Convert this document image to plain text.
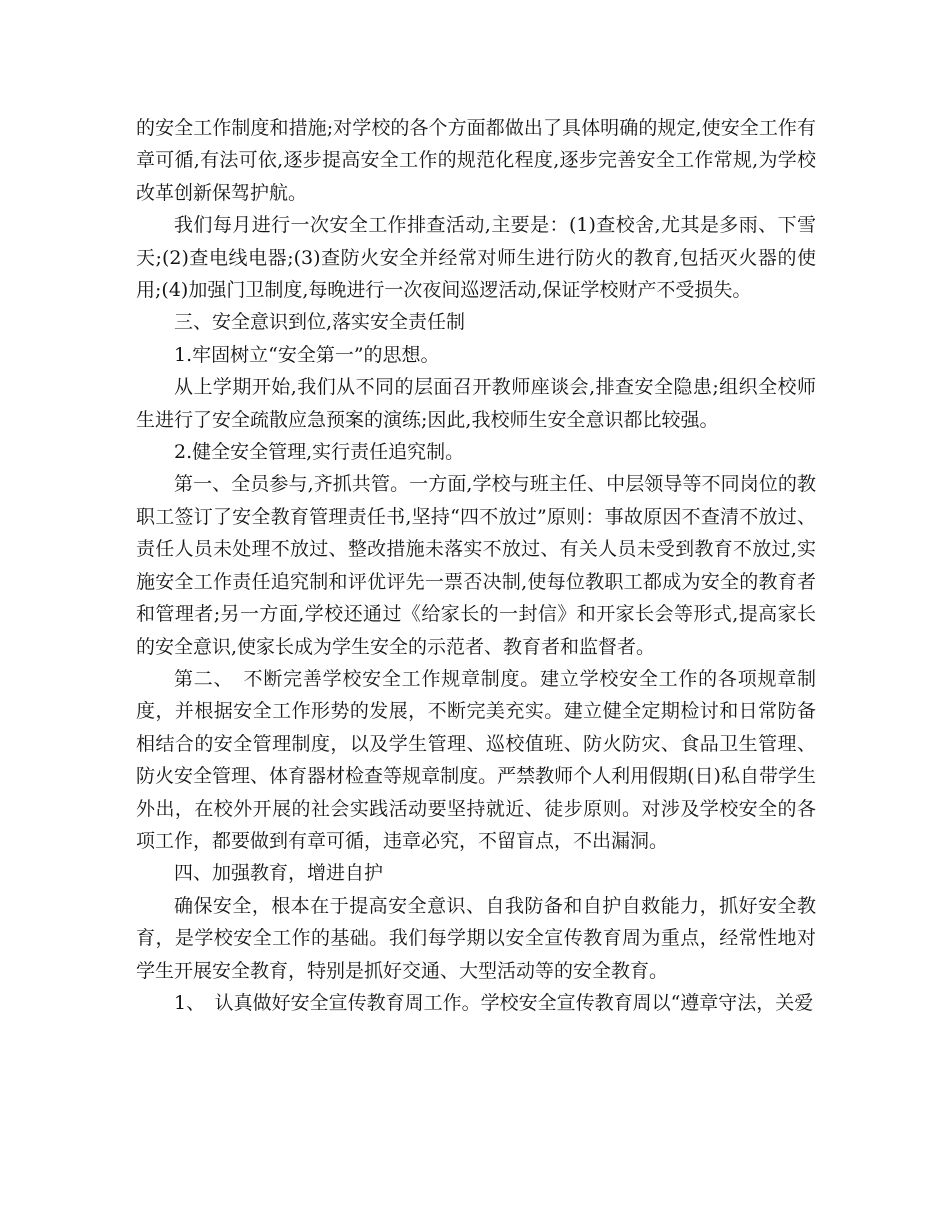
的安全工作制度和措施;对学校的各个方面都做出了具体明确的规定,使安全工作有章可循,有法可依,逐步提高安全工作的规范化程度,逐步完善安全工作常规,为学校改革创新保驾护航。

我们每月进行一次安全工作排查活动,主要是：(1)查校舍,尤其是多雨、下雪天;(2)查电线电器;(3)查防火安全并经常对师生进行防火的教育,包括灭火器的使用;(4)加强门卫制度,每晚进行一次夜间巡逻活动,保证学校财产不受损失。

三、安全意识到位,落实安全责任制

1.牢固树立“安全第一”的思想。

从上学期开始,我们从不同的层面召开教师座谈会,排查安全隐患;组织全校师生进行了安全疏散应急预案的演练;因此,我校师生安全意识都比较强。

2.健全安全管理,实行责任追究制。

第一、全员参与,齐抓共管。一方面,学校与班主任、中层领导等不同岗位的教职工签订了安全教育管理责任书,坚持“四不放过”原则：事故原因不查清不放过、责任人员未处理不放过、整改措施未落实不放过、有关人员未受到教育不放过,实施安全工作责任追究制和评优评先一票否决制,使每位教职工都成为安全的教育者和管理者;另一方面,学校还通过《给家长的一封信》和开家长会等形式,提高家长的安全意识,使家长成为学生安全的示范者、教育者和监督者。

第二、　不断完善学校安全工作规章制度。建立学校安全工作的各项规章制度，并根据安全工作形势的发展，不断完美充实。建立健全定期检讨和日常防备相结合的安全管理制度，以及学生管理、巡校值班、防火防灾、食品卫生管理、防火安全管理、体育器材检查等规章制度。严禁教师个人利用假期(日)私自带学生外出，在校外开展的社会实践活动要坚持就近、徒步原则。对涉及学校安全的各项工作，都要做到有章可循，违章必究，不留盲点，不出漏洞。

四、加强教育，增进自护

确保安全，根本在于提高安全意识、自我防备和自护自救能力，抓好安全教育，是学校安全工作的基础。我们每学期以安全宣传教育周为重点，经常性地对学生开展安全教育，特别是抓好交通、大型活动等的安全教育。

1、　认真做好安全宣传教育周工作。学校安全宣传教育周以“遵章守法，关爱
